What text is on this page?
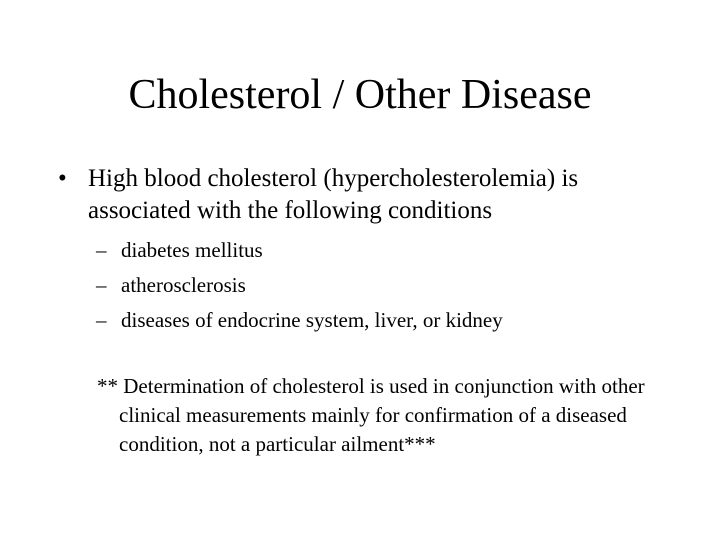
Cholesterol / Other Disease
• High blood cholesterol (hypercholesterolemia) is associated with the following conditions
– diabetes mellitus
– atherosclerosis
– diseases of endocrine system, liver, or kidney
** Determination of cholesterol is used in conjunction with other clinical measurements mainly for confirmation of a diseased condition, not a particular ailment***
